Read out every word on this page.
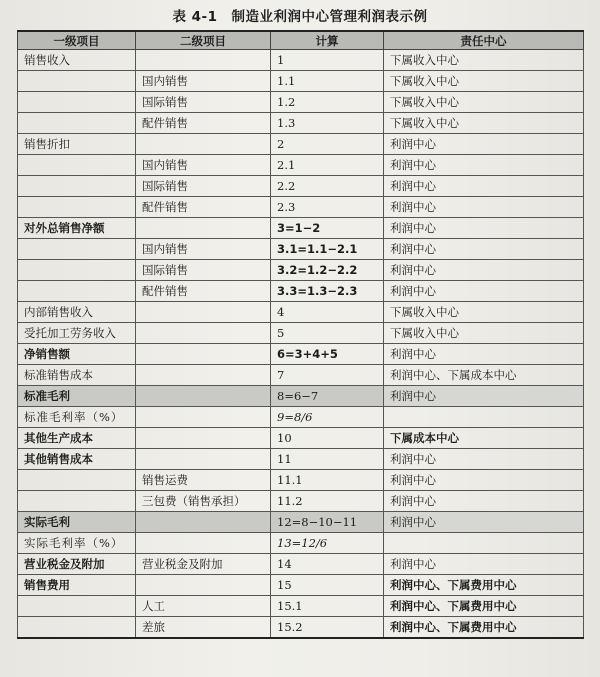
表 4-1 制造业利润中心管理利润表示例
一级项目	二级项目	计算	责任中心
销售收入		1	下属收入中心
	国内销售	1.1	下属收入中心
	国际销售	1.2	下属收入中心
	配件销售	1.3	下属收入中心
销售折扣		2	利润中心
	国内销售	2.1	利润中心
	国际销售	2.2	利润中心
	配件销售	2.3	利润中心
对外总销售净额		3=1−2	利润中心
	国内销售	3.1=1.1−2.1	利润中心
	国际销售	3.2=1.2−2.2	利润中心
	配件销售	3.3=1.3−2.3	利润中心
内部销售收入		4	下属收入中心
受托加工劳务收入		5	下属收入中心
净销售额		6=3+4+5	利润中心
标准销售成本		7	利润中心、下属成本中心
标准毛利		8=6−7	利润中心
标准毛利率（%）		9=8/6	
其他生产成本		10	下属成本中心
其他销售成本		11	利润中心
	销售运费	11.1	利润中心
	三包费（销售承担）	11.2	利润中心
实际毛利		12=8−10−11	利润中心
实际毛利率（%）		13=12/6	
营业税金及附加	营业税金及附加	14	利润中心
销售费用		15	利润中心、下属费用中心
	人工	15.1	利润中心、下属费用中心
	差旅	15.2	利润中心、下属费用中心
